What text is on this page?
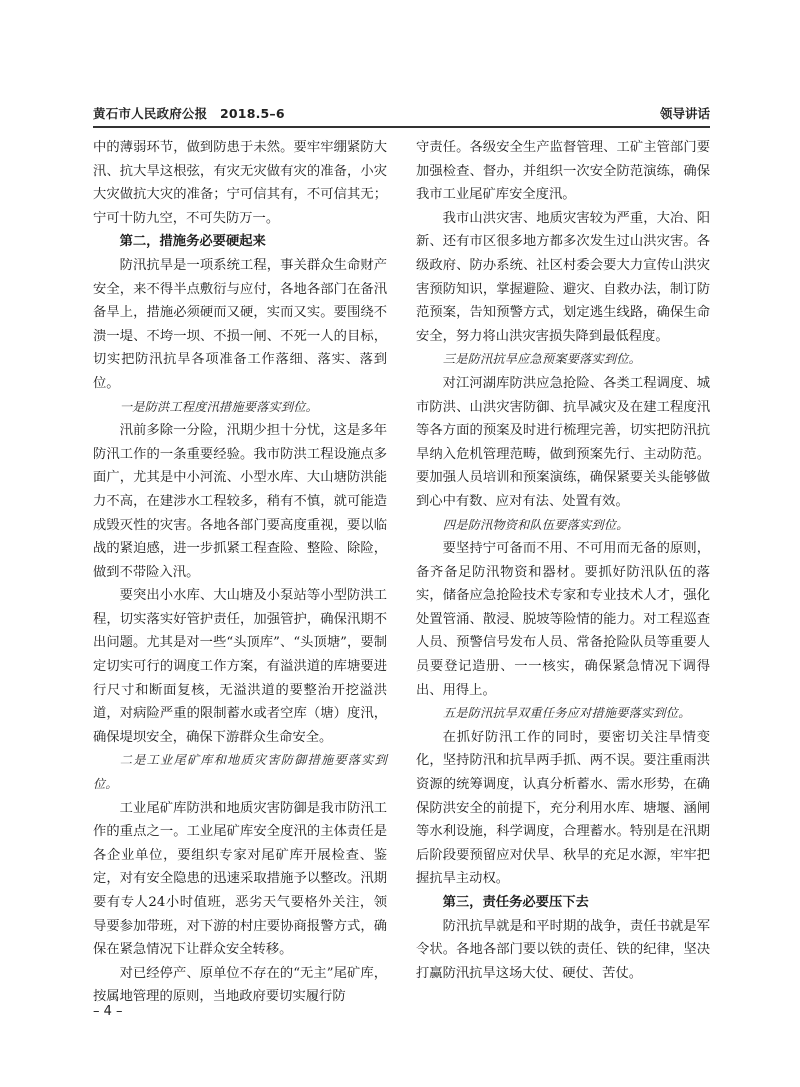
黄石市人民政府公报　2018.5–6	领导讲话

中的薄弱环节，做到防患于未然。要牢牢绷紧防大汛、抗大旱这根弦，有灾无灾做有灾的准备，小灾大灾做抗大灾的准备；宁可信其有，不可信其无；宁可十防九空，不可失防万一。

第二，措施务必要硬起来

防汛抗旱是一项系统工程，事关群众生命财产安全，来不得半点敷衍与应付，各地各部门在备汛备旱上，措施必须硬而又硬，实而又实。要围绕不溃一堤、不垮一坝、不损一闸、不死一人的目标，切实把防汛抗旱各项准备工作落细、落实、落到位。

一是防洪工程度汛措施要落实到位。

汛前多除一分险，汛期少担十分忧，这是多年防汛工作的一条重要经验。我市防洪工程设施点多面广，尤其是中小河流、小型水库、大山塘防洪能力不高，在建涉水工程较多，稍有不慎，就可能造成毁灭性的灾害。各地各部门要高度重视，要以临战的紧迫感，进一步抓紧工程查险、整险、除险，做到不带险入汛。

要突出小水库、大山塘及小泵站等小型防洪工程，切实落实好管护责任，加强管护，确保汛期不出问题。尤其是对一些“头顶库”、“头顶塘”，要制定切实可行的调度工作方案，有溢洪道的库塘要进行尺寸和断面复核，无溢洪道的要整治开挖溢洪道，对病险严重的限制蓄水或者空库（塘）度汛，确保堤坝安全，确保下游群众生命安全。

二是工业尾矿库和地质灾害防御措施要落实到位。

工业尾矿库防洪和地质灾害防御是我市防汛工作的重点之一。工业尾矿库安全度汛的主体责任是各企业单位，要组织专家对尾矿库开展检查、鉴定，对有安全隐患的迅速采取措施予以整改。汛期要有专人24小时值班，恶劣天气要格外关注，领导要参加带班，对下游的村庄要协商报警方式，确保在紧急情况下让群众安全转移。

对已经停产、原单位不存在的“无主”尾矿库，按属地管理的原则，当地政府要切实履行防

守责任。各级安全生产监督管理、工矿主管部门要加强检查、督办，并组织一次安全防范演练，确保我市工业尾矿库安全度汛。

我市山洪灾害、地质灾害较为严重，大冶、阳新、还有市区很多地方都多次发生过山洪灾害。各级政府、防办系统、社区村委会要大力宣传山洪灾害预防知识，掌握避险、避灾、自救办法，制订防范预案，告知预警方式，划定逃生线路，确保生命安全，努力将山洪灾害损失降到最低程度。

三是防汛抗旱应急预案要落实到位。

对江河湖库防洪应急抢险、各类工程调度、城市防洪、山洪灾害防御、抗旱减灾及在建工程度汛等各方面的预案及时进行梳理完善，切实把防汛抗旱纳入危机管理范畴，做到预案先行、主动防范。要加强人员培训和预案演练，确保紧要关头能够做到心中有数、应对有法、处置有效。

四是防汛物资和队伍要落实到位。

要坚持宁可备而不用、不可用而无备的原则，备齐备足防汛物资和器材。要抓好防汛队伍的落实，储备应急抢险技术专家和专业技术人才，强化处置管涌、散浸、脱坡等险情的能力。对工程巡查人员、预警信号发布人员、常备抢险队员等重要人员要登记造册、一一核实，确保紧急情况下调得出、用得上。

五是防汛抗旱双重任务应对措施要落实到位。

在抓好防汛工作的同时，要密切关注旱情变化，坚持防汛和抗旱两手抓、两不误。要注重雨洪资源的统筹调度，认真分析蓄水、需水形势，在确保防洪安全的前提下，充分利用水库、塘堰、涵闸等水利设施，科学调度，合理蓄水。特别是在汛期后阶段要预留应对伏旱、秋旱的充足水源，牢牢把握抗旱主动权。

第三，责任务必要压下去

防汛抗旱就是和平时期的战争，责任书就是军令状。各地各部门要以铁的责任、铁的纪律，坚决打赢防汛抗旱这场大仗、硬仗、苦仗。

– 4 –
